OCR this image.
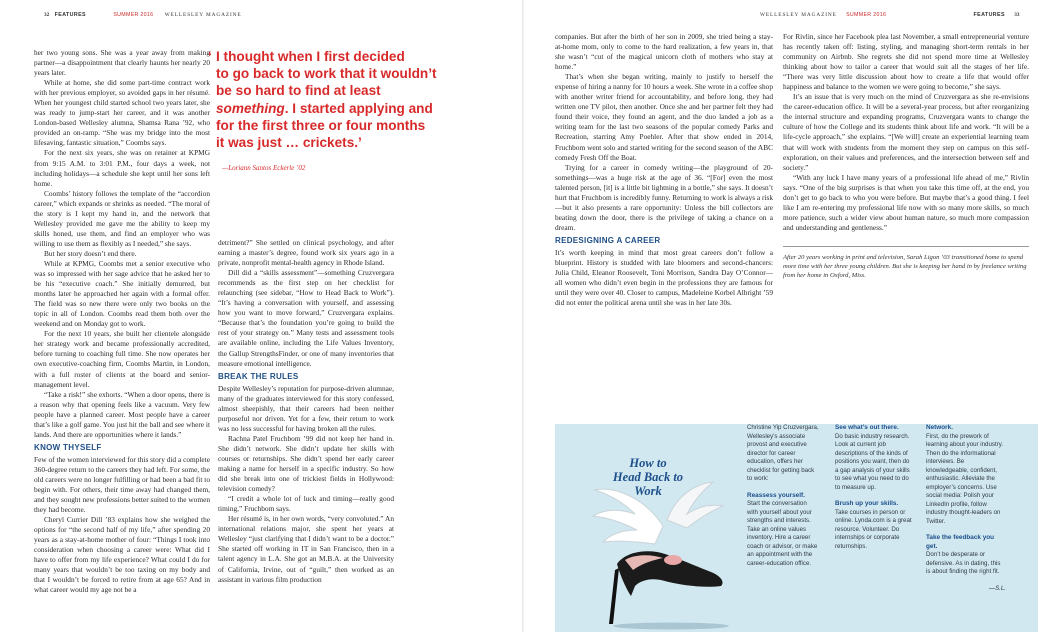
32 FEATURES	SUMMER 2016 WELLESLEY MAGAZINE	WELLESLEY MAGAZINE SUMMER 2016	FEATURES 33

her two young sons. She was a year away from making partner—a disappointment that clearly haunts her nearly 20 years later.

While at home, she did some part-time contract work with her previous employer, so avoided gaps in her résumé. When her youngest child started school two years later, she was ready to jump-start her career, and it was another London-based Wellesley alumna, Shamsa Rana ’92, who provided an on-ramp. “She was my bridge into the most lifesaving, fantastic situation,” Coombs says.

For the next six years, she was on retainer at KPMG from 9:15 A.M. to 3:01 P.M., four days a week, not including holidays—a schedule she kept until her sons left home.

Coombs’ history follows the template of the “accordion career,” which expands or shrinks as needed. “The moral of the story is I kept my hand in, and the network that Wellesley provided me gave me the ability to keep my skills honed, use them, and find an employer who was willing to use them as flexibly as I needed,” she says.

But her story doesn’t end there.

While at KPMG, Coombs met a senior executive who was so impressed with her sage advice that he asked her to be his “executive coach.” She initially demurred, but months later he approached her again with a formal offer. The field was so new there were only two books on the topic in all of London. Coombs read them both over the weekend and on Monday got to work.

For the next 10 years, she built her clientele alongside her strategy work and became professionally accredited, before turning to coaching full time. She now operates her own executive-coaching firm, Coombs Martin, in London, with a full roster of clients at the board and senior-management level.

“Take a risk!” she exhorts. “When a door opens, there is a reason why that opening feels like a vacuum. Very few people have a planned career. Most people have a career that’s like a golf game. You just hit the ball and see where it lands. And there are opportunities where it lands.”

KNOW THYSELF

Few of the women interviewed for this story did a complete 360-degree return to the careers they had left. For some, the old careers were no longer fulfilling or had been a bad fit to begin with. For others, their time away had changed them, and they sought new professions better suited to the women they had become.

Cheryl Currier Dill ’83 explains how she weighed the options for “the second half of my life,” after spending 20 years as a stay-at-home mother of four: “Things I took into consideration when choosing a career were: What did I have to offer from my life experience? What could I do for many years that wouldn’t be too taxing on my body and that I wouldn’t be forced to retire from at age 65? And in what career would my age not be a

‘ I thought when I first decided
to go back to work that it wouldn’t
be so hard to find at least
something. I started applying and
for the first three or four months
it was just … crickets.’
—Loriann Santos Eckerle ’02

detriment?” She settled on clinical psychology, and after earning a master’s degree, found work six years ago in a private, nonprofit mental-health agency in Rhode Island.

Dill did a “skills assessment”—something Cruzvergara recommends as the first step on her checklist for relaunching (see sidebar, “How to Head Back to Work”). “It’s having a conversation with yourself, and assessing how you want to move forward,” Cruzvergara explains. “Because that’s the foundation you’re going to build the rest of your strategy on.” Many tests and assessment tools are available online, including the Life Values Inventory, the Gallup StrengthsFinder, or one of many inventories that measure emotional intelligence.

BREAK THE RULES

Despite Wellesley’s reputation for purpose-driven alumnae, many of the graduates interviewed for this story confessed, almost sheepishly, that their careers had been neither purposeful nor driven. Yet for a few, their return to work was no less successful for having broken all the rules.

Rachna Patel Fruchbom ’99 did not keep her hand in. She didn’t network. She didn’t update her skills with courses or returnships. She didn’t spend her early career making a name for herself in a specific industry. So how did she break into one of trickiest fields in Hollywood: television comedy?

“I credit a whole lot of luck and timing—really good timing,” Fruchbom says.

Her résumé is, in her own words, “very convoluted.” An international relations major, she spent her years at Wellesley “just clarifying that I didn’t want to be a doctor.” She started off working in IT in San Francisco, then in a talent agency in L.A. She got an M.B.A. at the University of California, Irvine, out of “guilt,” then worked as an assistant in various film production

companies. But after the birth of her son in 2009, she tried being a stay-at-home mom, only to come to the hard realization, a few years in, that she wasn’t “cut of the magical unicorn cloth of mothers who stay at home.”

That’s when she began writing, mainly to justify to herself the expense of hiring a nanny for 10 hours a week. She wrote in a coffee shop with another writer friend for accountability, and before long, they had written one TV pilot, then another. Once she and her partner felt they had found their voice, they found an agent, and the duo landed a job as a writing team for the last two seasons of the popular comedy Parks and Recreation, starring Amy Poehler. After that show ended in 2014, Fruchbom went solo and started writing for the second season of the ABC comedy Fresh Off the Boat.

Trying for a career in comedy writing—the playground of 20-somethings—was a huge risk at the age of 36. “[For] even the most talented person, [it] is a little bit lightning in a bottle,” she says. It doesn’t hurt that Fruchbom is incredibly funny. Returning to work is always a risk—but it also presents a rare opportunity: Unless the bill collectors are beating down the door, there is the privilege of taking a chance on a dream.

REDESIGNING A CAREER

It’s worth keeping in mind that most great careers don’t follow a blueprint. History is studded with late bloomers and second-chancers: Julia Child, Eleanor Roosevelt, Toni Morrison, Sandra Day O’Connor—all women who didn’t even begin in the professions they are famous for until they were over 40. Closer to campus, Madeleine Korbel Albright ’59 did not enter the political arena until she was in her late 30s.

For Rivlin, since her Facebook plea last November, a small entrepreneurial venture has recently taken off: listing, styling, and managing short-term rentals in her community on Airbnb. She regrets she did not spend more time at Wellesley thinking about how to tailor a career that would suit all the stages of her life. “There was very little discussion about how to create a life that would offer happiness and balance to the women we were going to become,” she says.

It’s an issue that is very much on the mind of Cruzvergara as she re-envisions the career-education office. It will be a several-year process, but after reorganizing the internal structure and expanding programs, Cruzvergara wants to change the culture of how the College and its students think about life and work. “It will be a life-cycle approach,” she explains. “[We will] create an experiential learning team that will work with students from the moment they step on campus on this self-exploration, on their values and preferences, and the intersection between self and society.”

“With any luck I have many years of a professional life ahead of me,” Rivlin says. “One of the big surprises is that when you take this time off, at the end, you don’t get to go back to who you were before. But maybe that’s a good thing. I feel like I am re-entering my professional life now with so many more skills, so much more patience, such a wider view about human nature, so much more compassion and understanding and gentleness.”

After 20 years working in print and television, Sarah Ligon ’03 transitioned home to spend more time with her three young children. But she is keeping her hand in by freelance writing from her home in Oxford, Miss.
How to
Head Back to Work
Christine Yip Cruzvergara, Wellesley’s associate provost and executive director for career education, offers her checklist for getting back to work:
Reassess yourself.
Start the conversation with yourself about your strengths and interests. Take an online values inventory. Hire a career coach or advisor, or make an appointment with the career-education office.
See what’s out there.
Do basic industry research. Look at current job descriptions of the kinds of positions you want, then do a gap analysis of your skills to see what you need to do to measure up.
Brush up your skills.
Take courses in person or online. Lynda.com is a great resource. Volunteer. Do internships or corporate returnships.
Network.
First, do the prework of learning about your industry. Then do the informational interviews. Be knowledgeable, confident, enthusiastic. Alleviate the employer’s concerns. Use social media: Polish your LinkedIn profile, follow industry thought-leaders on Twitter.
Take the feedback you get.
Don’t be desperate or defensive. As in dating, this is about finding the right fit.
—S.L.
